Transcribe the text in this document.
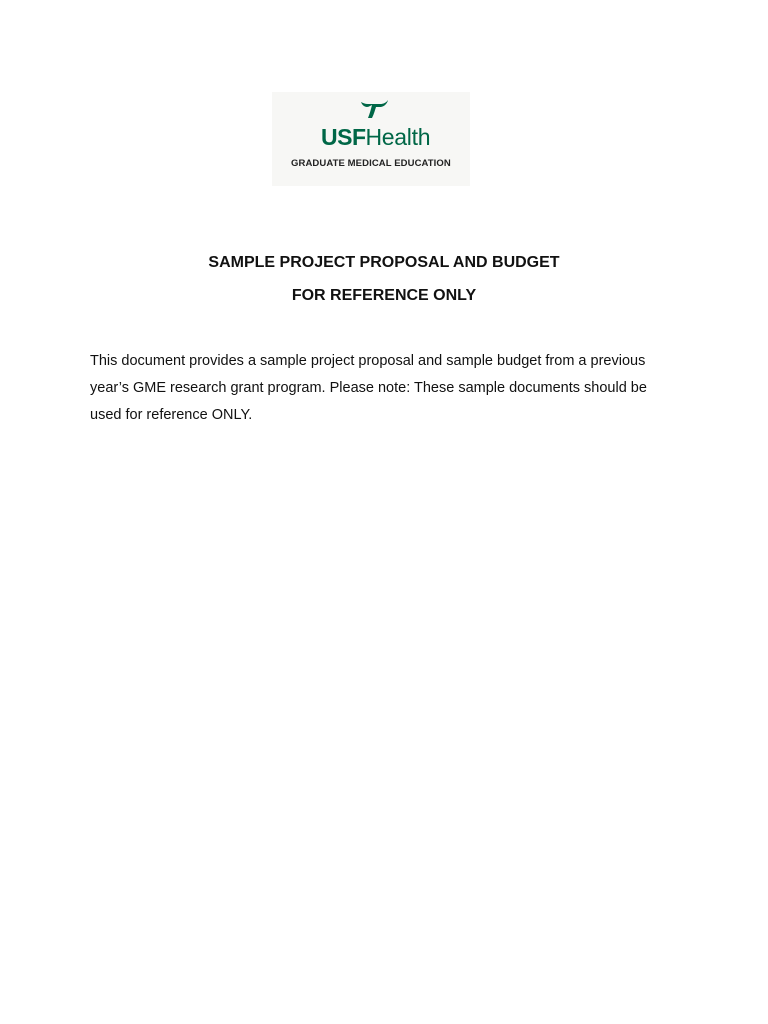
USFHealth
GRADUATE MEDICAL EDUCATION
SAMPLE PROJECT PROPOSAL AND BUDGET
FOR REFERENCE ONLY
This document provides a sample project proposal and sample budget from a previous
year’s GME research grant program. Please note: These sample documents should be
used for reference ONLY.
